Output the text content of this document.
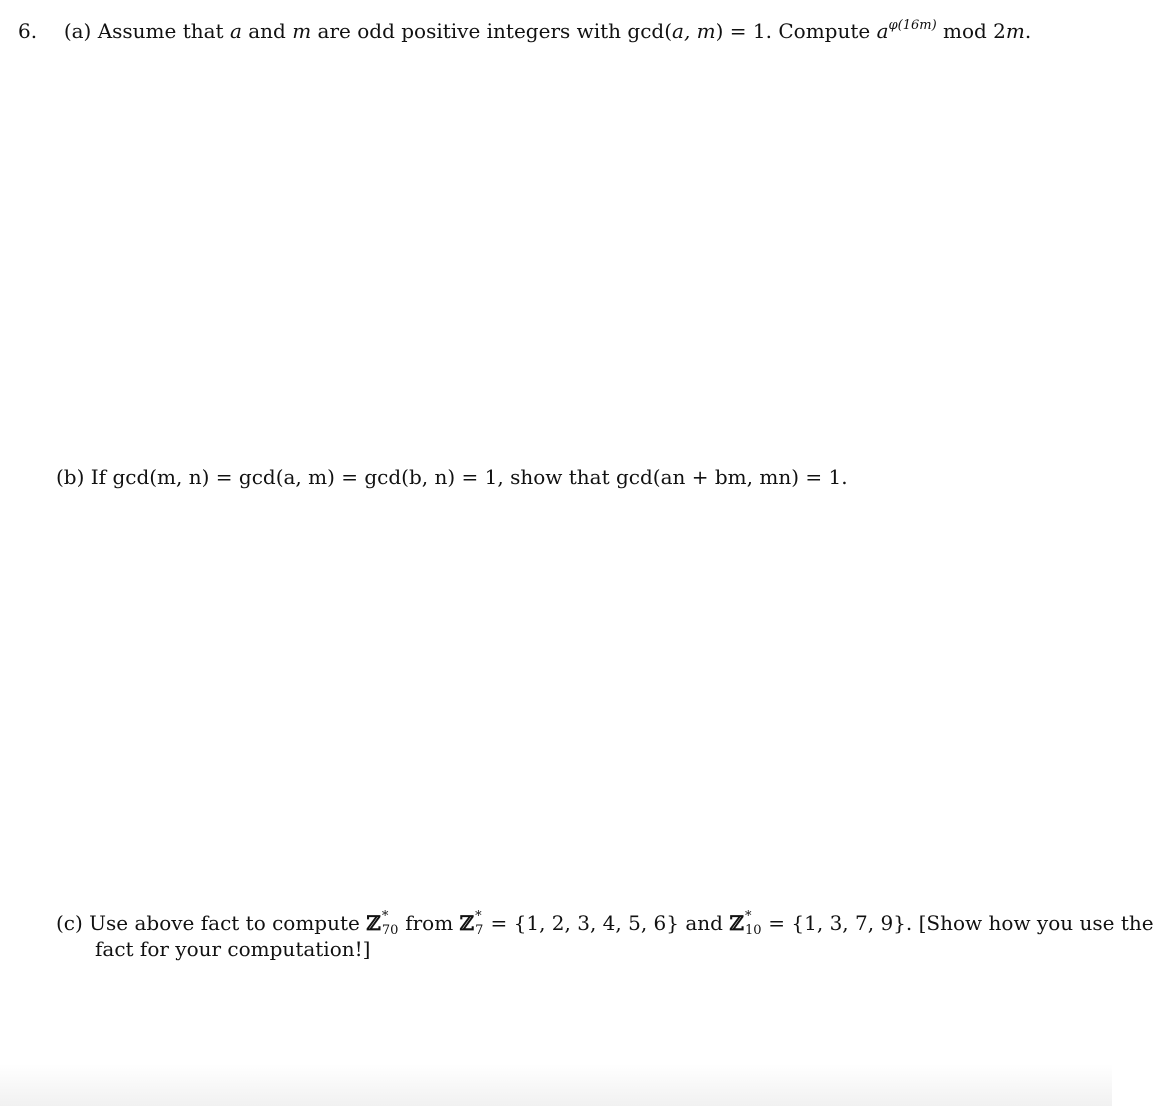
6. (a) Assume that a and m are odd positive integers with gcd(a, m) = 1. Compute $a^{\varphi(16m)}$ mod 2m.
(b) If gcd(m, n) = gcd(a, m) = gcd(b, n) = 1, show that gcd(an + bm, mn) = 1.
(c) Use above fact to compute ℤ *
70 from ℤ *
7 = {1, 2, 3, 4, 5, 6} and ℤ *
10 = {1, 3, 7, 9}. [Show how you use the
fact for your computation!]
